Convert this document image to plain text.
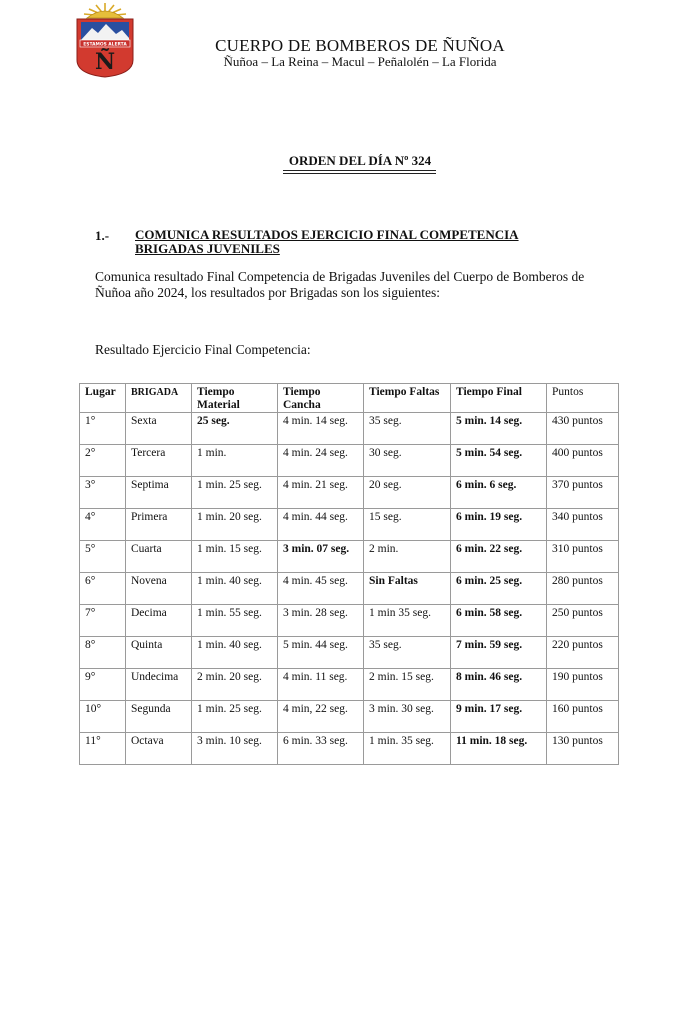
ESTAMOS ALERTA
Ñ
CUERPO DE BOMBEROS DE ÑUÑOA
Ñuñoa – La Reina – Macul – Peñalolén – La Florida
ORDEN DEL DÍA Nº 324
1.- COMUNICA RESULTADOS EJERCICIO FINAL COMPETENCIA BRIGADAS JUVENILES
Comunica resultado Final Competencia de Brigadas Juveniles del Cuerpo de Bomberos de Ñuñoa año 2024, los resultados por Brigadas son los siguientes:
Resultado Ejercicio Final Competencia:
Lugar	BRIGADA	Tiempo Material	Tiempo Cancha	Tiempo Faltas	Tiempo Final	Puntos
1°	Sexta	25 seg.	4 min. 14 seg.	35 seg.	5 min. 14 seg.	430 puntos
2°	Tercera	1 min.	4 min. 24 seg.	30 seg.	5 min. 54 seg.	400 puntos
3°	Septima	1 min. 25 seg.	4 min. 21 seg.	20 seg.	6 min. 6 seg.	370 puntos
4°	Primera	1 min. 20 seg.	4 min. 44 seg.	15 seg.	6 min. 19 seg.	340 puntos
5°	Cuarta	1 min. 15 seg.	3 min. 07 seg.	2 min.	6 min. 22 seg.	310 puntos
6°	Novena	1 min. 40 seg.	4 min. 45 seg.	Sin Faltas	6 min. 25 seg.	280 puntos
7°	Decima	1 min. 55 seg.	3 min. 28 seg.	1 min 35 seg.	6 min. 58 seg.	250 puntos
8°	Quinta	1 min. 40 seg.	5 min. 44 seg.	35 seg.	7 min. 59 seg.	220 puntos
9°	Undecima	2 min. 20 seg.	4 min. 11 seg.	2 min. 15 seg.	8 min. 46 seg.	190 puntos
10°	Segunda	1 min. 25 seg.	4 min, 22 seg.	3 min. 30 seg.	9 min. 17 seg.	160 puntos
11°	Octava	3 min. 10 seg.	6 min. 33 seg.	1 min. 35 seg.	11 min. 18 seg.	130 puntos
